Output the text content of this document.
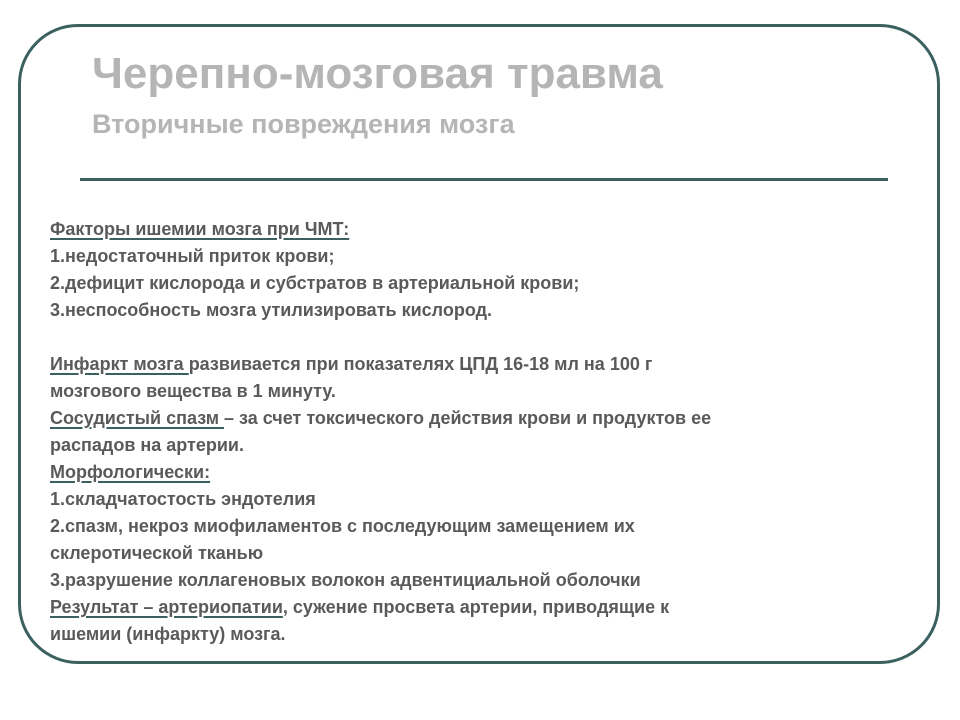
Черепно-мозговая травма
Вторичные повреждения мозга

Факторы ишемии мозга при ЧМТ:

1.недостаточный приток крови;

2.дефицит кислорода и субстратов в артериальной крови;

3.неспособность мозга утилизировать кислород.

Инфаркт мозга развивается при показателях ЦПД 16-18 мл на 100 г

мозгового вещества в 1 минуту.

Сосудистый спазм – за счет токсического действия крови и продуктов ее

распадов на артерии.

Морфологически:

1.складчатостость эндотелия

2.спазм, некроз миофиламентов с последующим замещением их

склеротической тканью

3.разрушение коллагеновых волокон адвентициальной оболочки

Результат – артериопатии, сужение просвета артерии, приводящие к

ишемии (инфаркту) мозга.
